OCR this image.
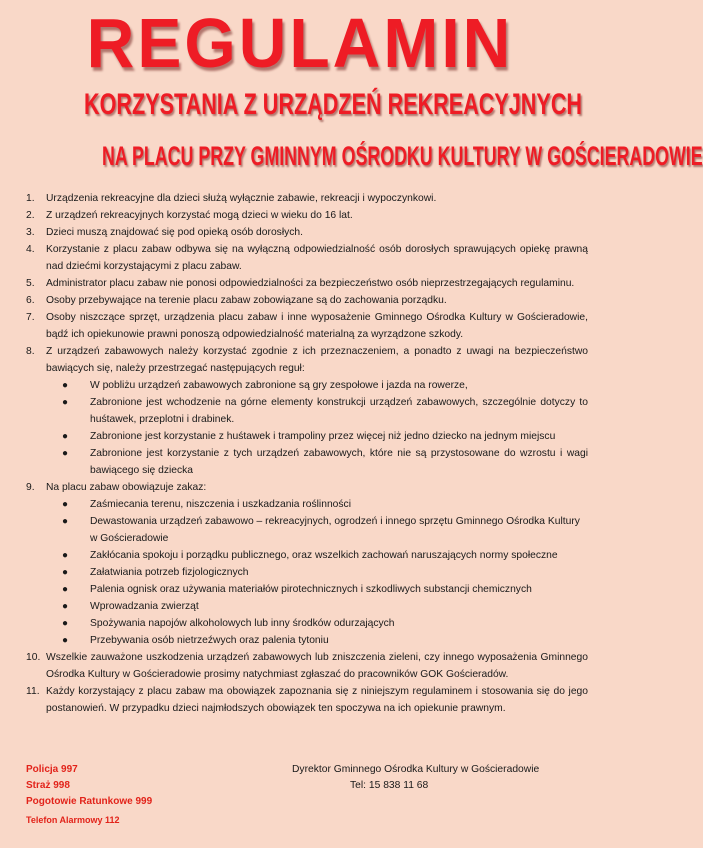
REGULAMIN
KORZYSTANIA Z URZĄDZEŃ REKREACYJNYCH
NA PLACU PRZY GMINNYM OŚRODKU KULTURY W GOŚCIERADOWIE

1. Urządzenia rekreacyjne dla dzieci służą wyłącznie zabawie, rekreacji i wypoczynkowi.

2. Z urządzeń rekreacyjnych korzystać mogą dzieci w wieku do 16 lat.

3. Dzieci muszą znajdować się pod opieką osób dorosłych.

4. Korzystanie z placu zabaw odbywa się na wyłączną odpowiedzialność osób dorosłych sprawujących opiekę prawną nad dziećmi korzystającymi z placu zabaw.

5. Administrator placu zabaw nie ponosi odpowiedzialności za bezpieczeństwo osób nieprzestrzegających regulaminu.

6. Osoby przebywające na terenie placu zabaw zobowiązane są do zachowania porządku.

7. Osoby niszczące sprzęt, urządzenia placu zabaw i inne wyposażenie Gminnego Ośrodka Kultury w Gościeradowie, bądź ich opiekunowie prawni ponoszą odpowiedzialność materialną za wyrządzone szkody.

8. Z urządzeń zabawowych należy korzystać zgodnie z ich przeznaczeniem, a ponadto z uwagi na bezpieczeństwo bawiących się, należy przestrzegać następujących reguł:

● W pobliżu urządzeń zabawowych zabronione są gry zespołowe i jazda na rowerze,

● Zabronione jest wchodzenie na górne elementy konstrukcji urządzeń zabawowych, szczególnie dotyczy to huśtawek, przeplotni i drabinek.

● Zabronione jest korzystanie z huśtawek i trampoliny przez więcej niż jedno dziecko na jednym miejscu

● Zabronione jest korzystanie z tych urządzeń zabawowych, które nie są przystosowane do wzrostu i wagi bawiącego się dziecka

9. Na placu zabaw obowiązuje zakaz:

● Zaśmiecania terenu, niszczenia i uszkadzania roślinności

● Dewastowania urządzeń zabawowo – rekreacyjnych, ogrodzeń i innego sprzętu Gminnego Ośrodka Kultury
w Gościeradowie

● Zakłócania spokoju i porządku publicznego, oraz wszelkich zachowań naruszających normy społeczne

● Załatwiania potrzeb fizjologicznych

● Palenia ognisk oraz używania materiałów pirotechnicznych i szkodliwych substancji chemicznych

● Wprowadzania zwierząt

● Spożywania napojów alkoholowych lub inny środków odurzających

● Przebywania osób nietrzeźwych oraz palenia tytoniu

10. Wszelkie zauważone uszkodzenia urządzeń zabawowych lub zniszczenia zieleni, czy innego wyposażenia Gminnego Ośrodka Kultury w Gościeradowie prosimy natychmiast zgłaszać do pracowników GOK Gościeradów.

11. Każdy korzystający z placu zabaw ma obowiązek zapoznania się z niniejszym regulaminem i stosowania się do jego postanowień. W przypadku dzieci najmłodszych obowiązek ten spoczywa na ich opiekunie prawnym.

Policja 997
Straż 998
Pogotowie Ratunkowe 999
Telefon Alarmowy 112
Dyrektor Gminnego Ośrodka Kultury w Gościeradowie
Tel: 15 838 11 68
